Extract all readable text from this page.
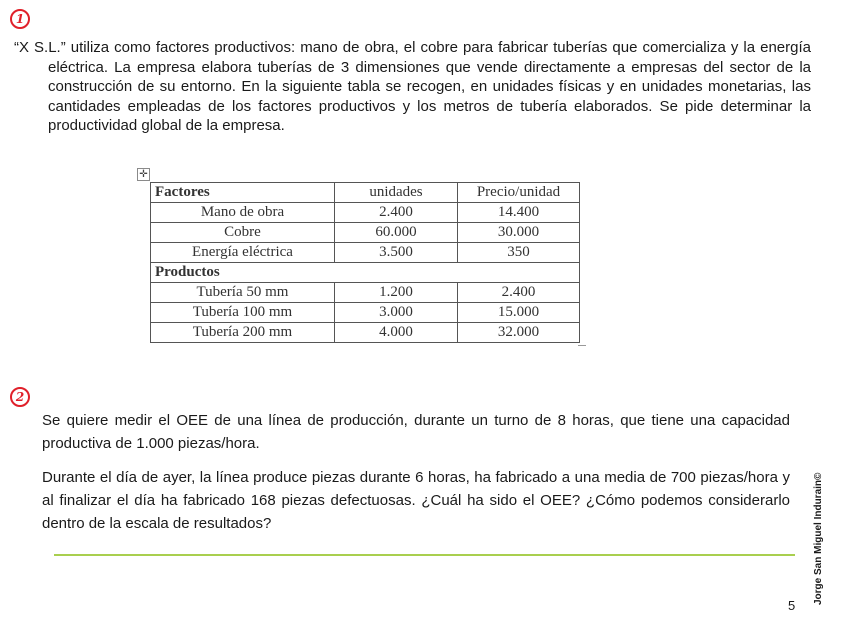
1

“X S.L.” utiliza como factores productivos: mano de obra, el cobre para fabricar tuberías que comercializa y la energía eléctrica. La empresa elabora tuberías de 3 dimensiones que vende directamente a empresas del sector de la construcción de su entorno. En la siguiente tabla se recogen, en unidades físicas y en unidades monetarias, las cantidades empleadas de los factores productivos y los metros de tubería elaborados. Se pide determinar la productividad global de la empresa.

✛
Factores	unidades	Precio/unidad
Mano de obra	2.400	14.400
Cobre	60.000	30.000
Energía eléctrica	3.500	350
Productos		
Tubería 50 mm	1.200	2.400
Tubería 100 mm	3.000	15.000
Tubería 200 mm	4.000	32.000
2

Se quiere medir el OEE de una línea de producción, durante un turno de 8 horas, que tiene una capacidad productiva de 1.000 piezas/hora.

Durante el día de ayer, la línea produce piezas durante 6 horas, ha fabricado a una media de 700 piezas/hora y al finalizar el día ha fabricado 168 piezas defectuosas. ¿Cuál ha sido el OEE? ¿Cómo podemos considerarlo dentro de la escala de resultados?	Jorge San Miguel Indurain©
5
